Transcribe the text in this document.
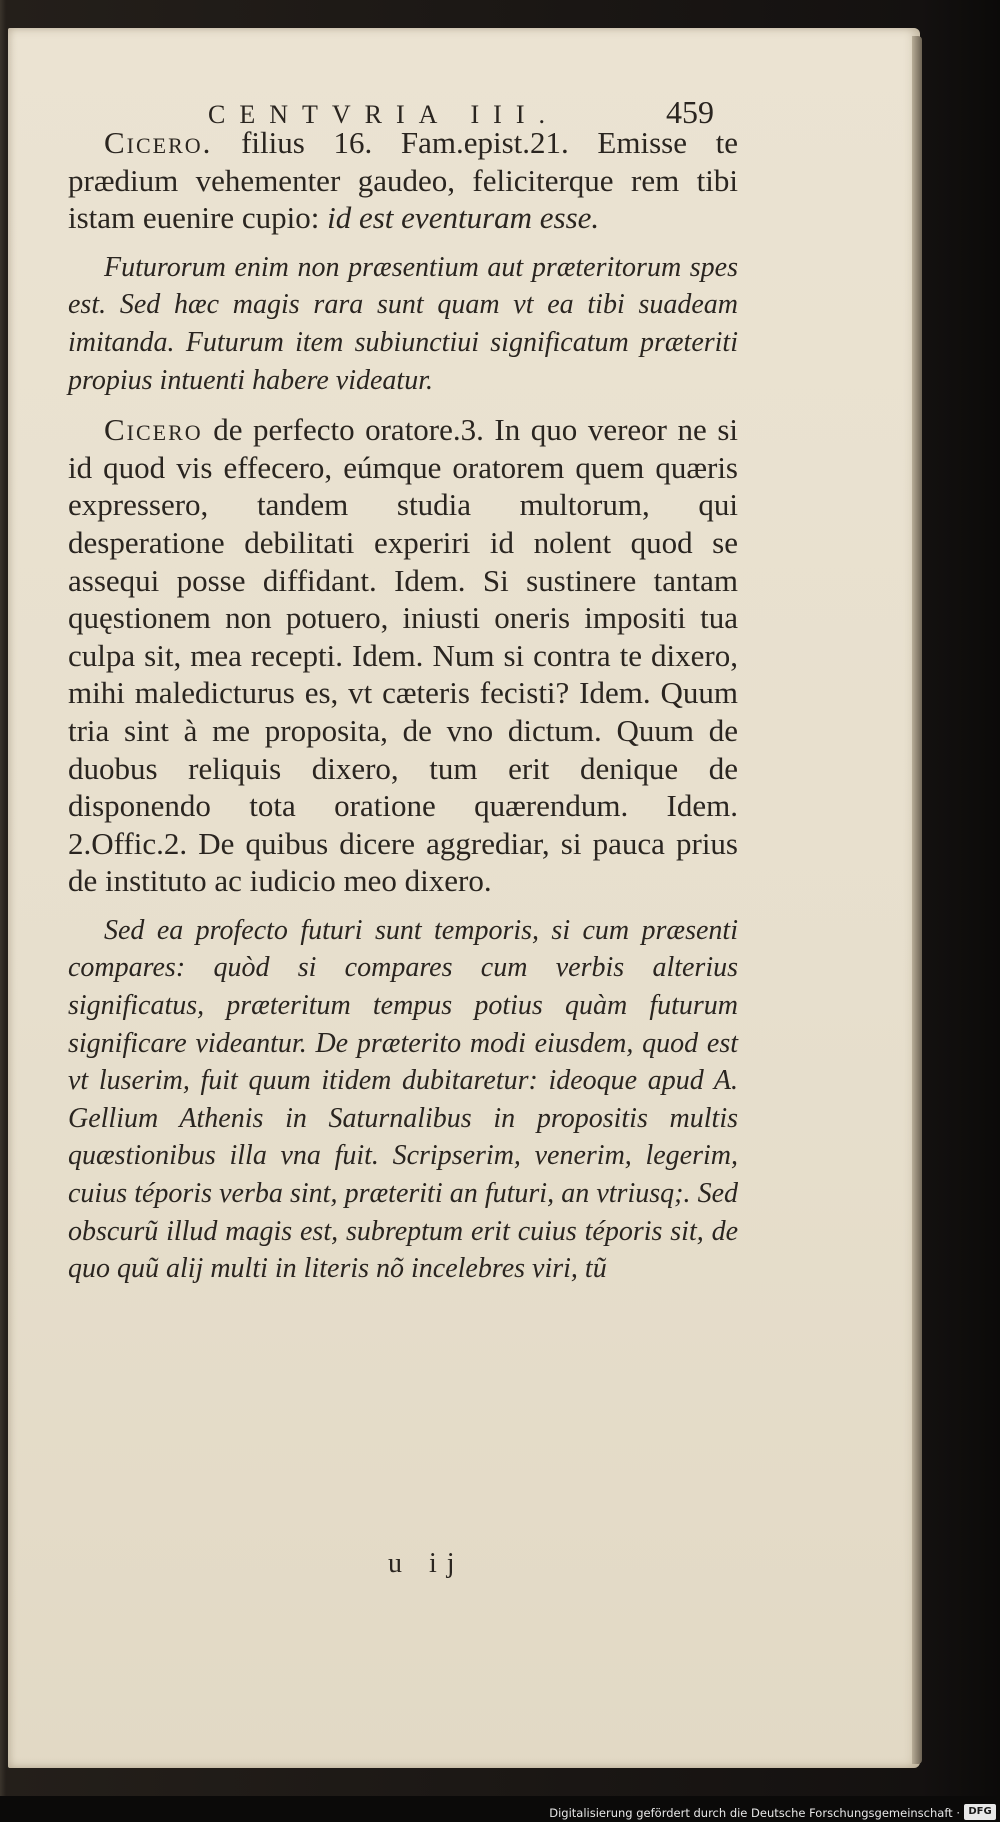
CENTVRIA III.	459

Cicero. filius 16. Fam.epist.21. Emisse te prædium vehementer gaudeo, feliciterque rem tibi istam euenire cupio: id est eventuram esse.

Futurorum enim non præsentium aut præteritorum spes est. Sed hæc magis rara sunt quam vt ea tibi suadeam imitanda. Futurum item subiunctiui significatum præteriti propius intuenti habere videatur.

Cicero de perfecto oratore.3. In quo vereor ne si id quod vis effecero, eúmque oratorem quem quæris expressero, tandem studia multorum, qui desperatione debilitati experiri id nolent quod se assequi posse diffidant. Idem. Si sustinere tantam quęstionem non potuero, iniusti oneris impositi tua culpa sit, mea recepti. Idem. Num si contra te dixero, mihi maledicturus es, vt cæteris fecisti? Idem. Quum tria sint à me proposita, de vno dictum. Quum de duobus reliquis dixero, tum erit denique de disponendo tota oratione quærendum. Idem. 2.Offic.2. De quibus dicere aggrediar, si pauca prius de instituto ac iudicio meo dixero.

Sed ea profecto futuri sunt temporis, si cum præsenti compares: quòd si compares cum verbis alterius significatus, præteritum tempus potius quàm futurum significare videantur. De præterito modi eiusdem, quod est vt luserim, fuit quum itidem dubitaretur: ideoque apud A. Gellium Athenis in Saturnalibus in propositis multis quæstionibus illa vna fuit. Scripserim, venerim, legerim, cuius téporis verba sint, præteriti an futuri, an vtriusq;. Sed obscurũ illud magis est, subreptum erit cuius téporis sit, de quo quũ alij multi in literis nõ incelebres viri, tũ

u ij
Digitalisierung gefördert durch die Deutsche Forschungsgemeinschaft · DFG
